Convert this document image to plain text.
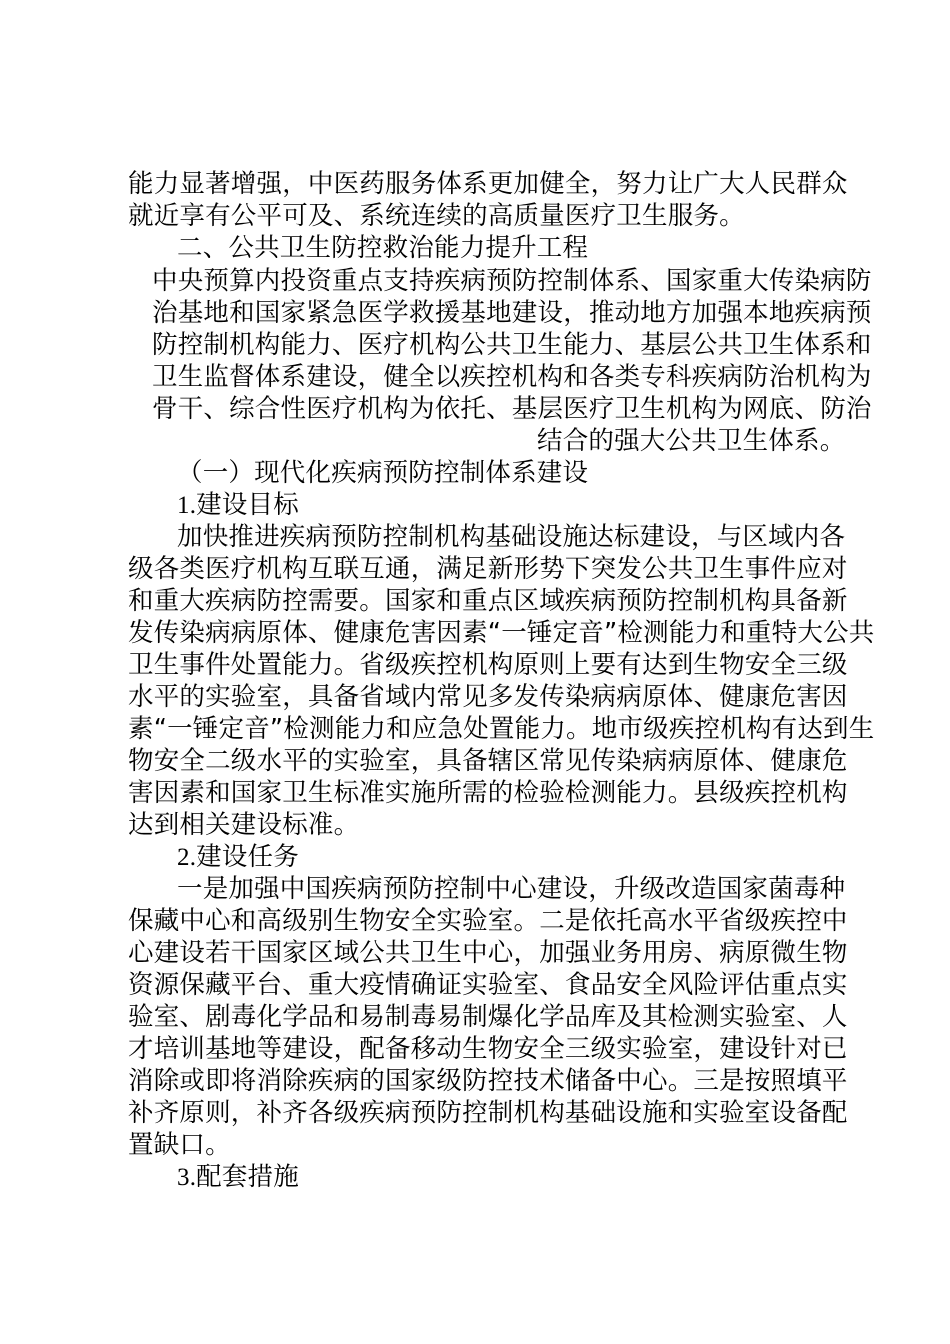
能力显著增强，中医药服务体系更加健全，努力让广大人民群众

就近享有公平可及、系统连续的高质量医疗卫生服务。

二、公共卫生防控救治能力提升工程

中央预算内投资重点支持疾病预防控制体系、国家重大传染病防

治基地和国家紧急医学救援基地建设，推动地方加强本地疾病预

防控制机构能力、医疗机构公共卫生能力、基层公共卫生体系和

卫生监督体系建设，健全以疾控机构和各类专科疾病防治机构为

骨干、综合性医疗机构为依托、基层医疗卫生机构为网底、防治

结合的强大公共卫生体系。

（一）现代化疾病预防控制体系建设

1.建设目标

加快推进疾病预防控制机构基础设施达标建设，与区域内各

级各类医疗机构互联互通，满足新形势下突发公共卫生事件应对

和重大疾病防控需要。国家和重点区域疾病预防控制机构具备新

发传染病病原体、健康危害因素“一锤定音”检测能力和重特大公共

卫生事件处置能力。省级疾控机构原则上要有达到生物安全三级

水平的实验室，具备省域内常见多发传染病病原体、健康危害因

素“一锤定音”检测能力和应急处置能力。地市级疾控机构有达到生

物安全二级水平的实验室，具备辖区常见传染病病原体、健康危

害因素和国家卫生标准实施所需的检验检测能力。县级疾控机构

达到相关建设标准。

2.建设任务

一是加强中国疾病预防控制中心建设，升级改造国家菌毒种

保藏中心和高级别生物安全实验室。二是依托高水平省级疾控中

心建设若干国家区域公共卫生中心，加强业务用房、病原微生物

资源保藏平台、重大疫情确证实验室、食品安全风险评估重点实

验室、剧毒化学品和易制毒易制爆化学品库及其检测实验室、人

才培训基地等建设，配备移动生物安全三级实验室，建设针对已

消除或即将消除疾病的国家级防控技术储备中心。三是按照填平

补齐原则，补齐各级疾病预防控制机构基础设施和实验室设备配

置缺口。

3.配套措施
